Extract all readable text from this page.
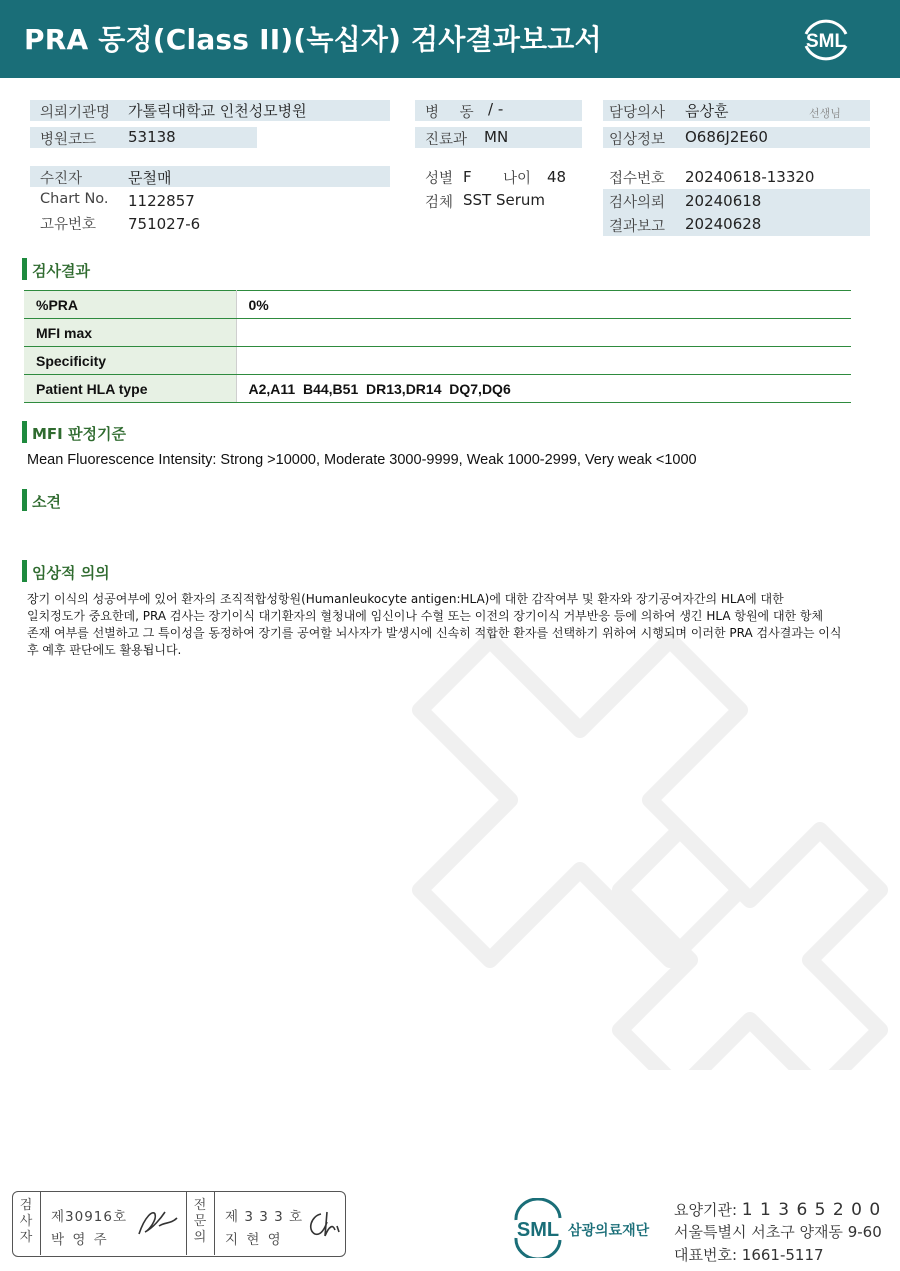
PRA 동정(Class II)(녹십자) 검사결과보고서	SML
의뢰기관명 가톨릭대학교 인천성모병원
병원코드 53138
병 동 / -
진료과 MN
담당의사 음상훈	선생님
임상정보 O686J2E60
수진자	문철매
Chart No. 1122857
고유번호 751027-6
성별 F 나이 48
검체 SST Serum
접수번호 20240618-13320
검사의뢰 20240618
결과보고 20240628
검사결과
%PRA	0%
MFI max	
Specificity	
Patient HLA type	A2,A11  B44,B51  DR13,DR14  DQ7,DQ6
MFI 판정기준
Mean Fluorescence Intensity: Strong >10000, Moderate 3000-9999, Weak 1000-2999, Very weak <1000
소견
임상적 의의
장기 이식의 성공여부에 있어 환자의 조직적합성항원(Humanleukocyte antigen:HLA)에 대한 감작여부 및 환자와 장기공여자간의 HLA에 대한
일치정도가 중요한데, PRA 검사는 장기이식 대기환자의 혈청내에 임신이나 수혈 또는 이전의 장기이식 거부반응 등에 의하여 생긴 HLA 항원에 대한 항체
존재 여부를 선별하고 그 특이성을 동정하여 장기를 공여할 뇌사자가 발생시에 신속히 적합한 환자를 선택하기 위하여 시행되며 이러한 PRA 검사결과는 이식
후 예후 판단에도 활용됩니다.
검
사
자
제30916호
박 영 주
전
문
의
제 3 3 3 호
지 현 영	SML 삼광의료재단
요양기관: 1 1 3 6 5 2 0 0
서울특별시 서초구 양재동 9-60
대표번호: 1661-5117
